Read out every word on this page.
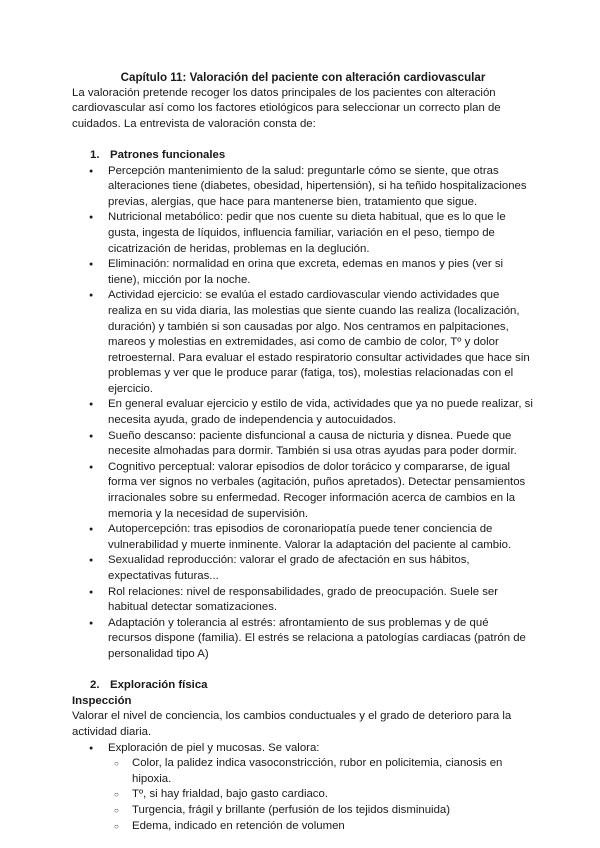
Capítulo 11: Valoración del paciente con alteración cardiovascular

La valoración pretende recoger los datos principales de los pacientes con alteración cardiovascular así como los factores etiológicos para seleccionar un correcto plan de cuidados. La entrevista de valoración consta de:

1. Patrones funcionales
● Percepción mantenimiento de la salud: preguntarle cómo se siente, que otras alteraciones tiene (diabetes, obesidad, hipertensión), si ha teñido hospitalizaciones previas, alergias, que hace para mantenerse bien, tratamiento que sigue.
● Nutricional metabólico: pedir que nos cuente su dieta habitual, que es lo que le gusta, ingesta de líquidos, influencia familiar, variación en el peso, tiempo de cicatrización de heridas, problemas en la deglución.
● Eliminación: normalidad en orina que excreta, edemas en manos y pies (ver si tiene), micción por la noche.
● Actividad ejercicio: se evalúa el estado cardiovascular viendo actividades que realiza en su vida diaria, las molestias que siente cuando las realiza (localización, duración) y también si son causadas por algo. Nos centramos en palpitaciones, mareos y molestias en extremidades, asi como de cambio de color, Tº y dolor retroesternal. Para evaluar el estado respiratorio consultar actividades que hace sin problemas y ver que le produce parar (fatiga, tos), molestias relacionadas con el ejercicio.
● En general evaluar ejercicio y estilo de vida, actividades que ya no puede realizar, si necesita ayuda, grado de independencia y autocuidados.
● Sueño descanso: paciente disfuncional a causa de nicturia y disnea. Puede que necesite almohadas para dormir. También si usa otras ayudas para poder dormir.
● Cognitivo perceptual: valorar episodios de dolor torácico y compararse, de igual forma ver signos no verbales (agitación, puños apretados). Detectar pensamientos irracionales sobre su enfermedad. Recoger información acerca de cambios en la memoria y la necesidad de supervisión.
● Autopercepción: tras episodios de coronariopatía puede tener conciencia de vulnerabilidad y muerte inminente. Valorar la adaptación del paciente al cambio.
● Sexualidad reproducción: valorar el grado de afectación en sus hábitos, expectativas futuras...
● Rol relaciones: nivel de responsabilidades, grado de preocupación. Suele ser habitual detectar somatizaciones.
● Adaptación y tolerancia al estrés: afrontamiento de sus problemas y de qué recursos dispone (familia). El estrés se relaciona a patologías cardiacas (patrón de personalidad tipo A)
2. Exploración física

Inspección

Valorar el nivel de conciencia, los cambios conductuales y el grado de deterioro para la actividad diaria.

● Exploración de piel y mucosas. Se valora:
○ Color, la palidez indica vasoconstricción, rubor en policitemia, cianosis en hipoxia.
○ Tº, si hay frialdad, bajo gasto cardiaco.
○ Turgencia, frágil y brillante (perfusión de los tejidos disminuida)
○ Edema, indicado en retención de volumen
